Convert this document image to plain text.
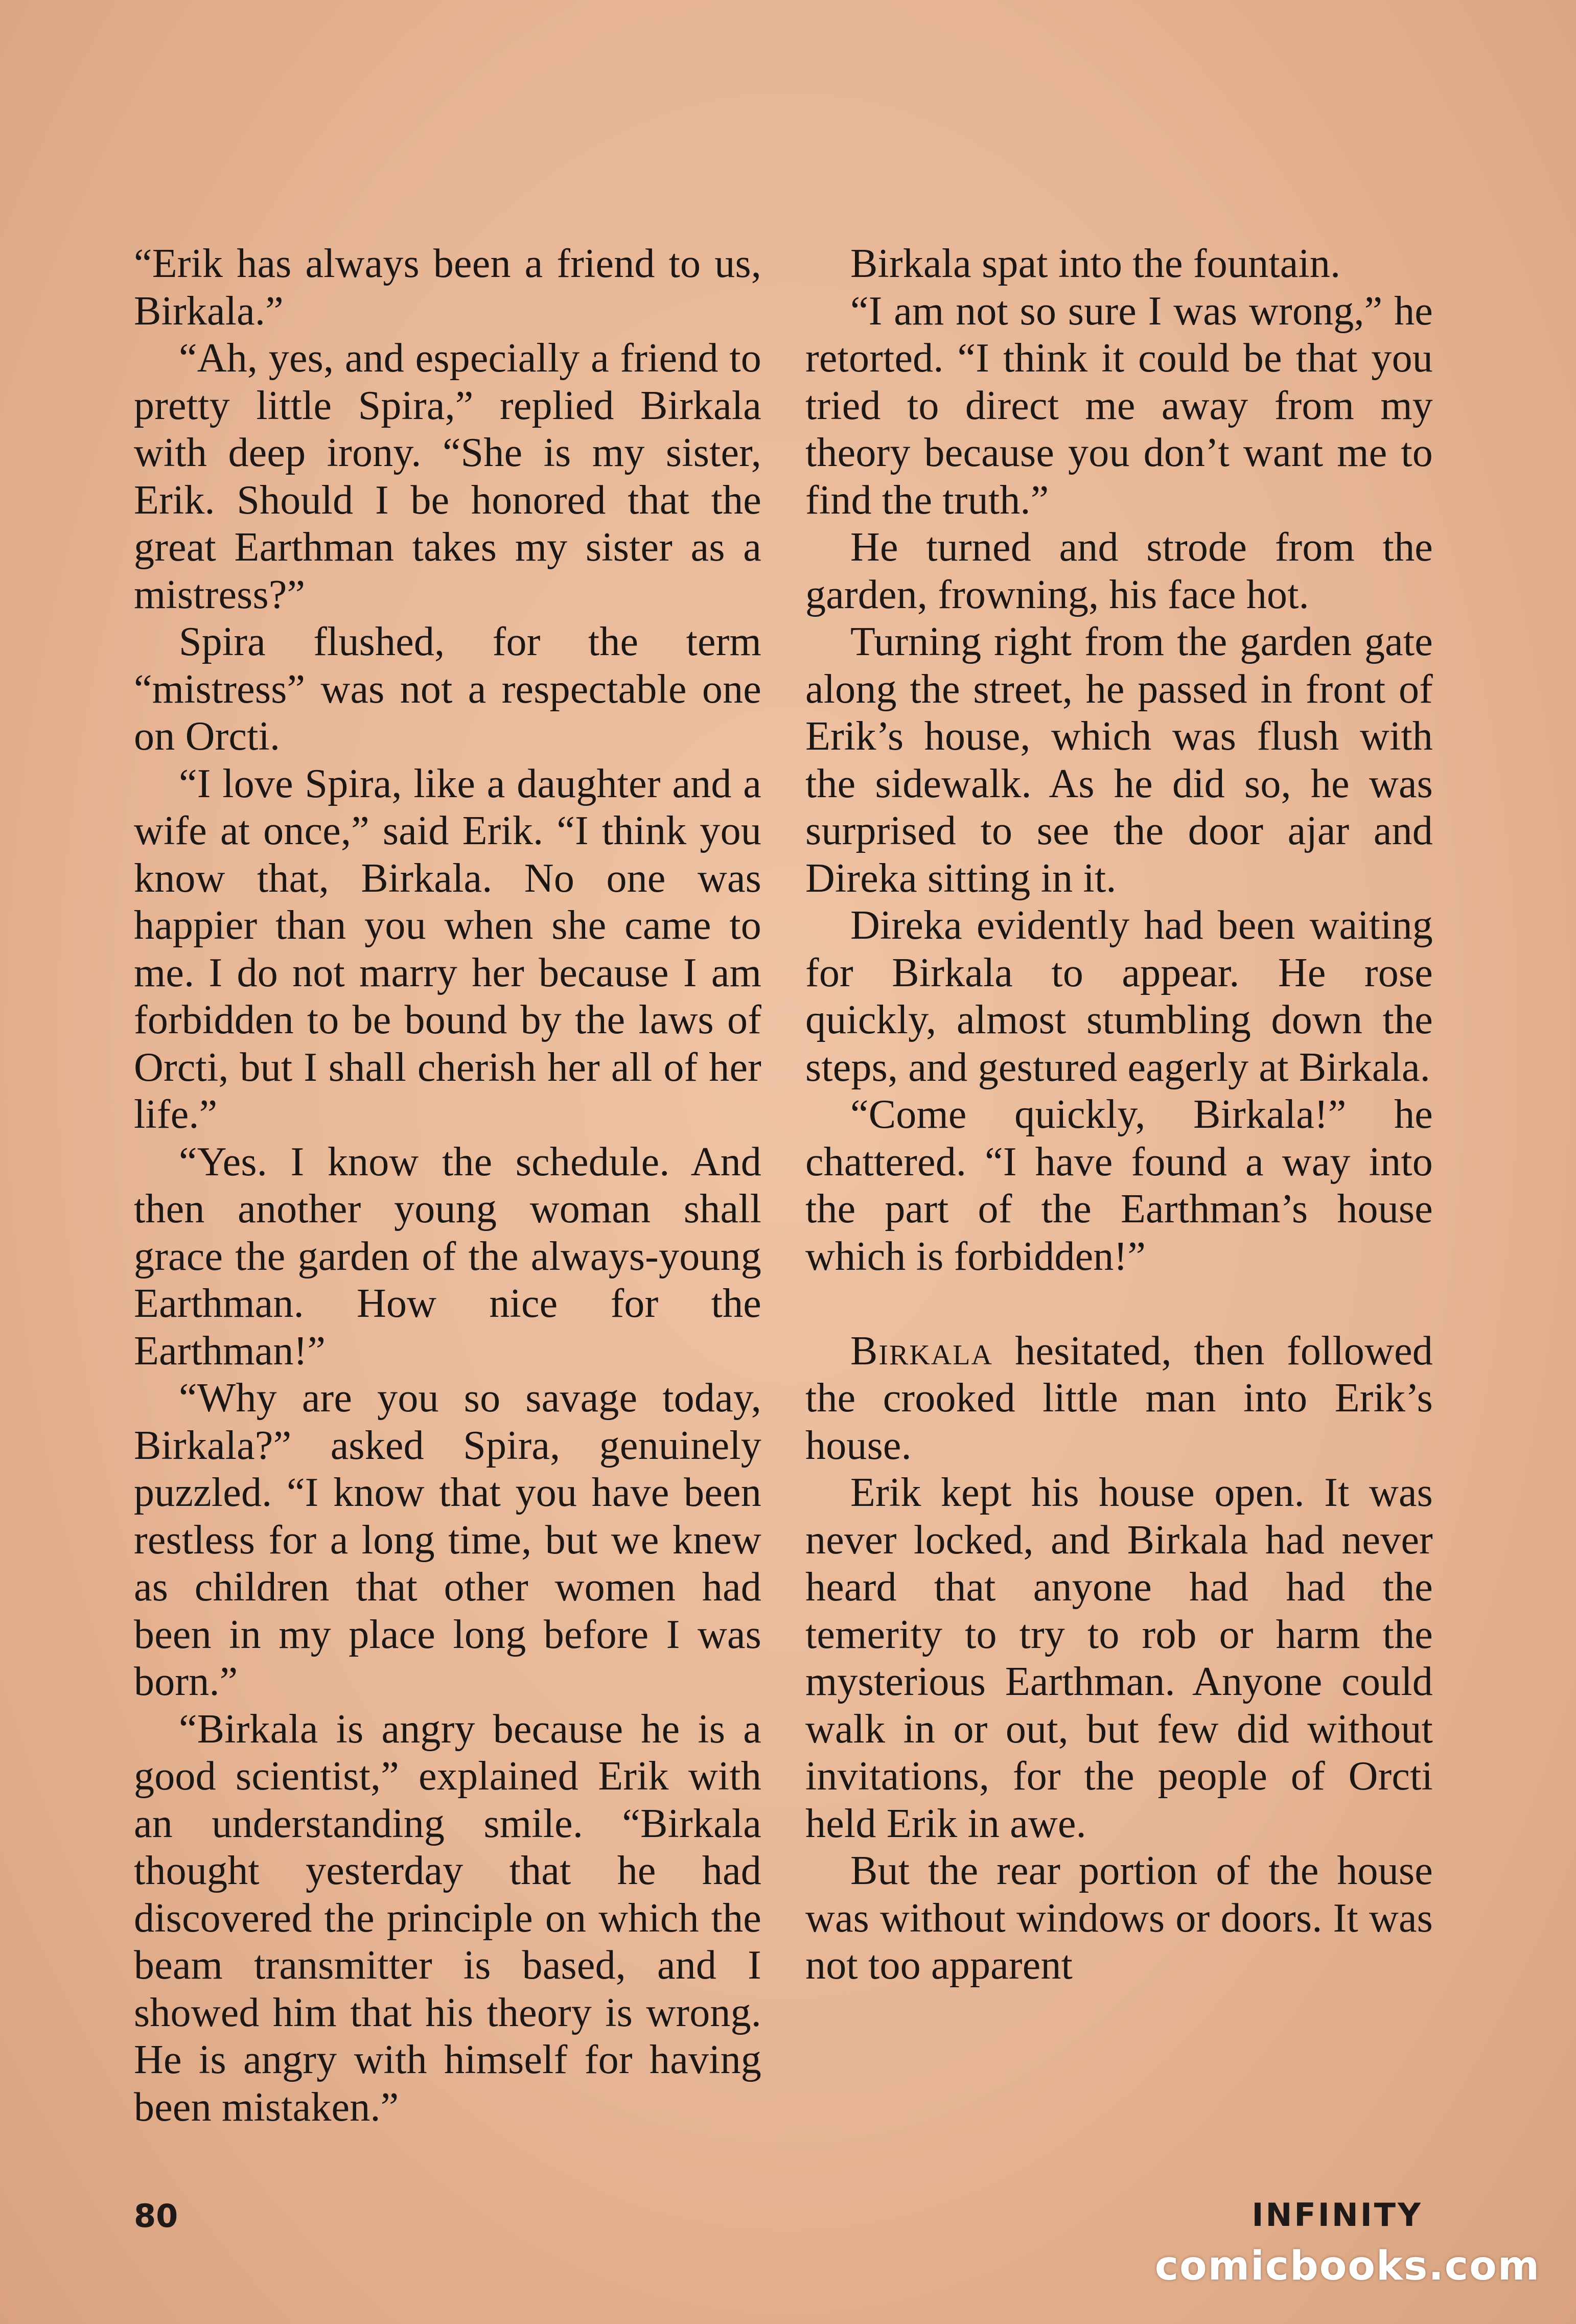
“Erik has always been a friend to us, Birkala.”

“Ah, yes, and especially a friend to pretty little Spira,” replied Birkala with deep irony. “She is my sister, Erik. Should I be honored that the great Earthman takes my sister as a mistress?”

Spira flushed, for the term “mistress” was not a respectable one on Orcti.

“I love Spira, like a daughter and a wife at once,” said Erik. “I think you know that, Birkala. No one was happier than you when she came to me. I do not marry her because I am forbidden to be bound by the laws of Orcti, but I shall cherish her all of her life.”

“Yes. I know the schedule. And then another young woman shall grace the garden of the always-young Earthman. How nice for the Earthman!”

“Why are you so savage today, Birkala?” asked Spira, genuinely puzzled. “I know that you have been restless for a long time, but we knew as children that other women had been in my place long before I was born.”

“Birkala is angry because he is a good scientist,” explained Erik with an understanding smile. “Birkala thought yesterday that he had discovered the principle on which the beam transmitter is based, and I showed him that his theory is wrong. He is angry with himself for having been mistaken.”

Birkala spat into the fountain.

“I am not so sure I was wrong,” he retorted. “I think it could be that you tried to direct me away from my theory because you don’t want me to find the truth.”

He turned and strode from the garden, frowning, his face hot.

Turning right from the garden gate along the street, he passed in front of Erik’s house, which was flush with the sidewalk. As he did so, he was surprised to see the door ajar and Direka sitting in it.

Direka evidently had been waiting for Birkala to appear. He rose quickly, almost stumbling down the steps, and gestured eagerly at Birkala.

“Come quickly, Birkala!” he chattered. “I have found a way into the part of the Earthman’s house which is forbidden!”

Birkala hesitated, then followed the crooked little man into Erik’s house.

Erik kept his house open. It was never locked, and Birkala had never heard that anyone had had the temerity to try to rob or harm the mysterious Earthman. Anyone could walk in or out, but few did without invitations, for the people of Orcti held Erik in awe.

But the rear portion of the house was without windows or doors. It was not too apparent

80	INFINITY
comicbooks.com
